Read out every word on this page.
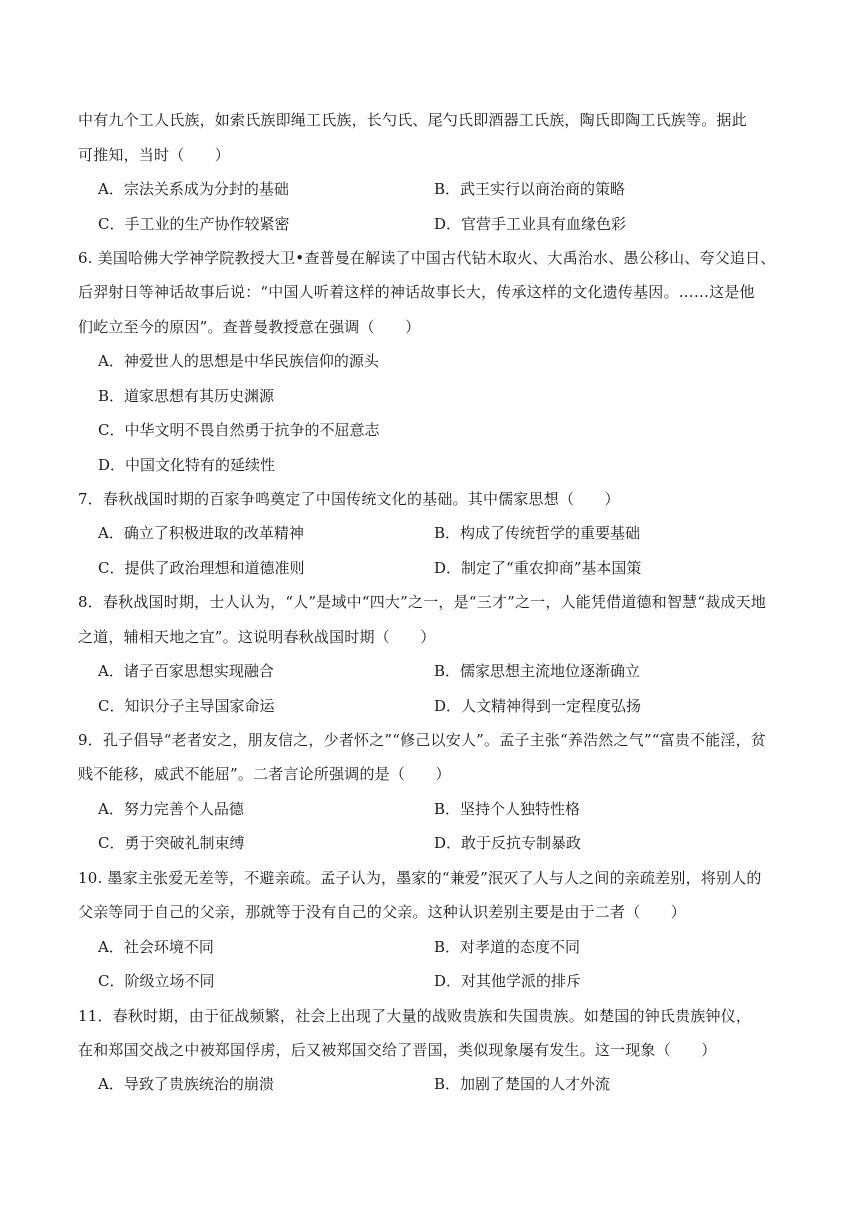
中有九个工人氏族，如索氏族即绳工氏族，长勺氏、尾勺氏即酒器工氏族，陶氏即陶工氏族等。据此
可推知，当时（　　）
A．宗法关系成为分封的基础	B．武王实行以商治商的策略
C．手工业的生产协作较紧密	D．官营手工业具有血缘色彩
6. 美国哈佛大学神学院教授大卫•查普曼在解读了中国古代钻木取火、大禹治水、愚公移山、夸父追日、
后羿射日等神话故事后说：“中国人听着这样的神话故事长大，传承这样的文化遗传基因。……这是他
们屹立至今的原因”。查普曼教授意在强调（　　）
A．神爱世人的思想是中华民族信仰的源头
B．道家思想有其历史渊源
C．中华文明不畏自然勇于抗争的不屈意志
D．中国文化特有的延续性
7．春秋战国时期的百家争鸣奠定了中国传统文化的基础。其中儒家思想（　　）
A．确立了积极进取的改革精神	B．构成了传统哲学的重要基础
C．提供了政治理想和道德准则	D．制定了“重农抑商”基本国策
8．春秋战国时期，士人认为，“人”是域中“四大”之一，是“三才”之一，人能凭借道德和智慧“裁成天地
之道，辅相天地之宜”。这说明春秋战国时期（　　）
A．诸子百家思想实现融合	B．儒家思想主流地位逐渐确立
C．知识分子主导国家命运	D．人文精神得到一定程度弘扬
9．孔子倡导“老者安之，朋友信之，少者怀之”“修己以安人”。孟子主张“养浩然之气”“富贵不能淫，贫
贱不能移，威武不能屈”。二者言论所强调的是（　　）
A．努力完善个人品德	B．坚持个人独特性格
C．勇于突破礼制束缚	D．敢于反抗专制暴政
10. 墨家主张爱无差等，不避亲疏。孟子认为，墨家的“兼爱”泯灭了人与人之间的亲疏差别，将别人的
父亲等同于自己的父亲，那就等于没有自己的父亲。这种认识差别主要是由于二者（　　）
A．社会环境不同	B．对孝道的态度不同
C．阶级立场不同	D．对其他学派的排斥
11．春秋时期，由于征战频繁，社会上出现了大量的战败贵族和失国贵族。如楚国的钟氏贵族钟仪，
在和郑国交战之中被郑国俘虏，后又被郑国交给了晋国，类似现象屡有发生。这一现象（　　）
A．导致了贵族统治的崩溃	B．加剧了楚国的人才外流
